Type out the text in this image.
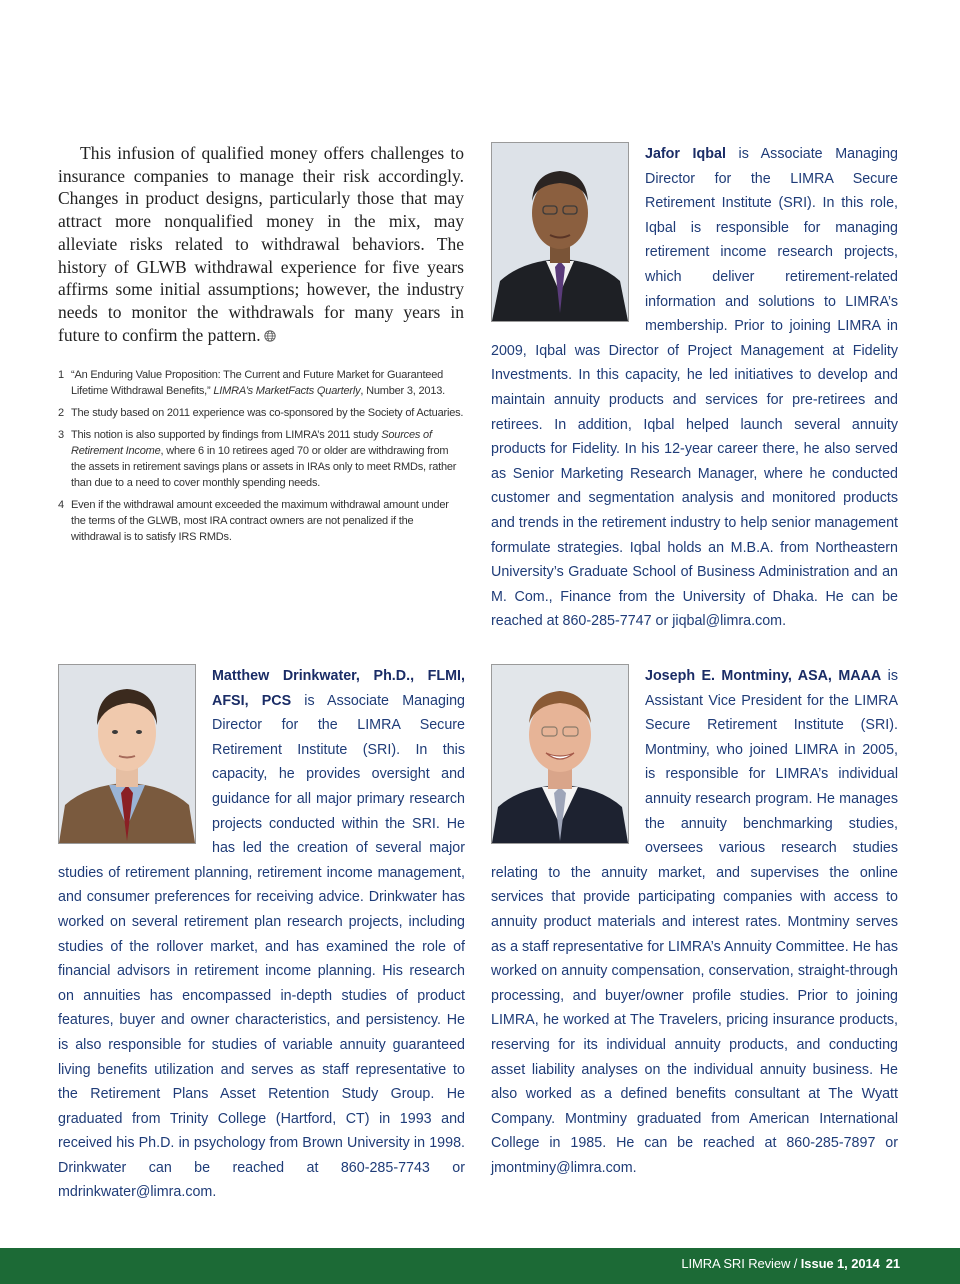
This infusion of qualified money offers challenges to insurance companies to manage their risk accordingly. Changes in product designs, particularly those that may attract more nonqualified money in the mix, may alleviate risks related to withdrawal behaviors. The history of GLWB withdrawal experience for five years affirms some initial assumptions; however, the industry needs to monitor the withdrawals for many years in future to confirm the pattern.

1 “An Enduring Value Proposition: The Current and Future Market for Guaranteed Lifetime Withdrawal Benefits,” LIMRA’s MarketFacts Quarterly, Number 3, 2013.
2 The study based on 2011 experience was co-sponsored by the Society of Actuaries.
3 This notion is also supported by findings from LIMRA’s 2011 study Sources of Retirement Income, where 6 in 10 retirees aged 70 or older are withdrawing from the assets in retirement savings plans or assets in IRAs only to meet RMDs, rather than due to a need to cover monthly spending needs.
4 Even if the withdrawal amount exceeded the maximum withdrawal amount under the terms of the GLWB, most IRA contract owners are not penalized if the withdrawal is to satisfy IRS RMDs.

Jafor Iqbal is Associate Managing Director for the LIMRA Secure Retirement Institute (SRI). In this role, Iqbal is responsible for managing retirement income research projects, which deliver retirement-related information and solutions to LIMRA’s membership. Prior to joining LIMRA in 2009, Iqbal was Director of Project Management at Fidelity Investments. In this capacity, he led initiatives to develop and maintain annuity products and services for pre-retirees and retirees. In addition, Iqbal helped launch several annuity products for Fidelity. In his 12-year career there, he also served as Senior Marketing Research Manager, where he conducted customer and segmentation analysis and monitored products and trends in the retirement industry to help senior management formulate strategies. Iqbal holds an M.B.A. from Northeastern University’s Graduate School of Business Administration and an M. Com., Finance from the University of Dhaka. He can be reached at 860-285-7747 or jiqbal@limra.com.

Matthew Drinkwater, Ph.D., FLMI, AFSI, PCS is Associate Managing Director for the LIMRA Secure Retirement Institute (SRI). In this capacity, he provides oversight and guidance for all major primary research projects conducted within the SRI. He has led the creation of several major studies of retirement planning, retirement income management, and consumer preferences for receiving advice. Drinkwater has worked on several retirement plan research projects, including studies of the rollover market, and has examined the role of financial advisors in retirement income planning. His research on annuities has encompassed in-depth studies of product features, buyer and owner characteristics, and persistency. He is also responsible for studies of variable annuity guaranteed living benefits utilization and serves as staff representative to the Retirement Plans Asset Retention Study Group. He graduated from Trinity College (Hartford, CT) in 1993 and received his Ph.D. in psychology from Brown University in 1998. Drinkwater can be reached at 860-285-7743 or mdrinkwater@limra.com.

Joseph E. Montminy, ASA, MAAA is Assistant Vice President for the LIMRA Secure Retirement Institute (SRI). Montminy, who joined LIMRA in 2005, is responsible for LIMRA’s individual annuity research program. He manages the annuity benchmarking studies, oversees various research studies relating to the annuity market, and supervises the online services that provide participating companies with access to annuity product materials and interest rates. Montminy serves as a staff representative for LIMRA’s Annuity Committee. He has worked on annuity compensation, conservation, straight-through processing, and buyer/owner profile studies. Prior to joining LIMRA, he worked at The Travelers, pricing insurance products, reserving for its individual annuity products, and conducting asset liability analyses on the individual annuity business. He also worked as a defined benefits consultant at The Wyatt Company. Montminy graduated from American International College in 1985. He can be reached at 860-285-7897 or jmontminy@limra.com.

LIMRA SRI Review / Issue 1, 2014 21
